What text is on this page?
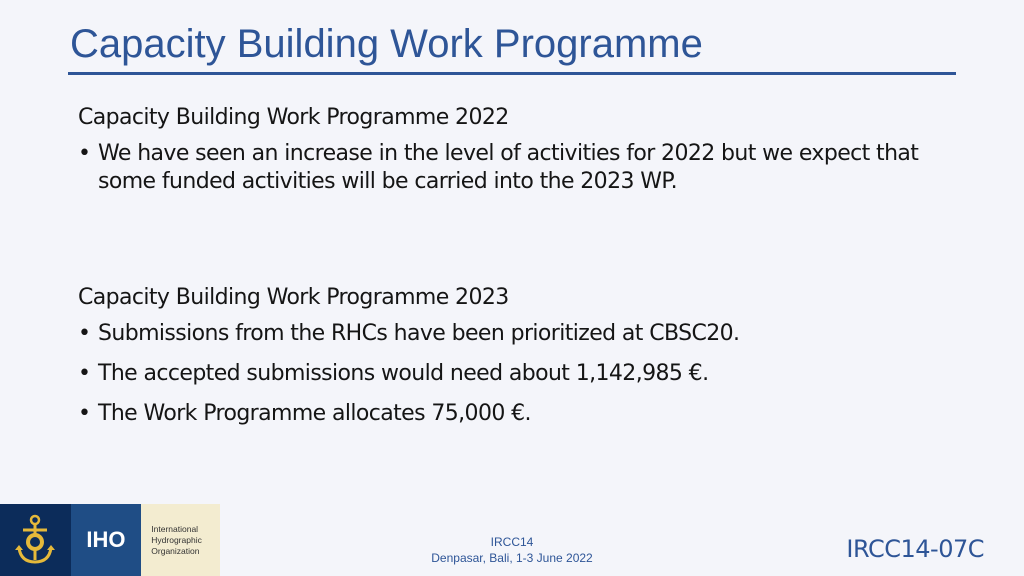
Capacity Building Work Programme
Capacity Building Work Programme 2022
• We have seen an increase in the level of activities for 2022 but we expect that some funded activities will be carried into the 2023 WP.
Capacity Building Work Programme 2023
• Submissions from the RHCs have been prioritized at CBSC20.
• The accepted submissions would need about 1,142,985 €.
• The Work Programme allocates 75,000 €.
IHO	International
Hydrographic
Organization
IRCC14
Denpasar, Bali, 1-3 June 2022	IRCC14-07C
